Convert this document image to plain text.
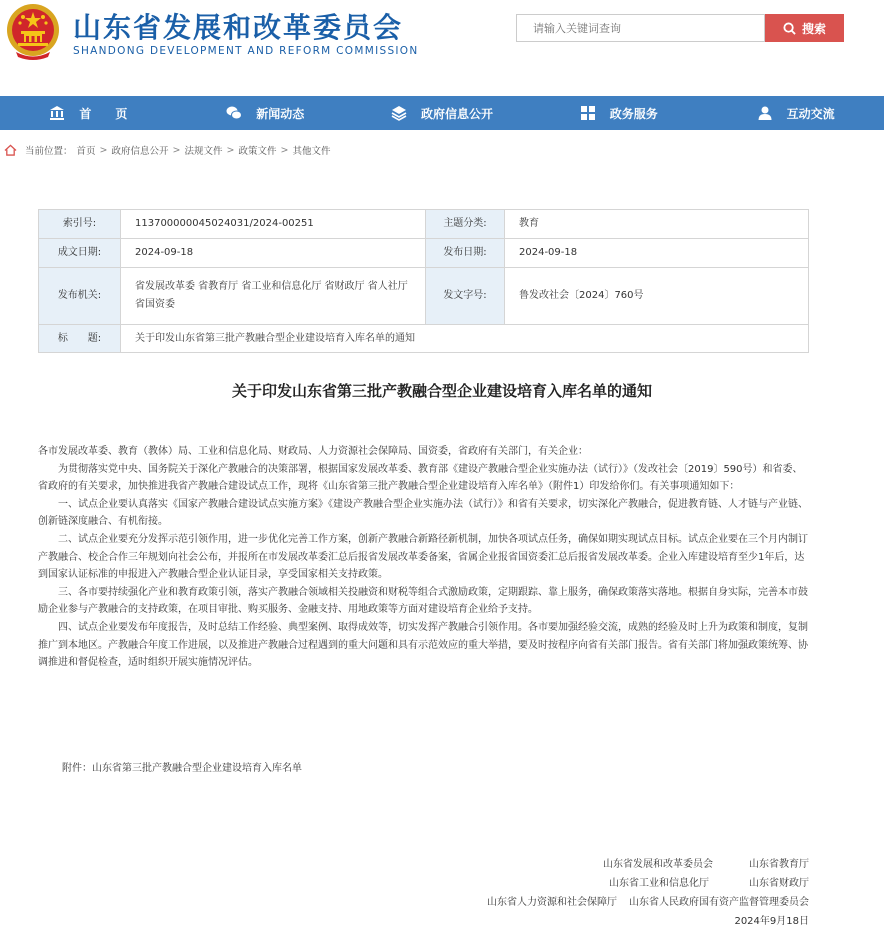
山东省发展和改革委员会
SHANDONG DEVELOPMENT AND REFORM COMMISSION
请输入关键词查询
搜索
首　　页	新闻动态	政府信息公开	政务服务	互动交流
当前位置： 首页 > 政府信息公开 > 法规文件 > 政策文件 > 其他文件
索引号:	11370000004502403​1/2024-00251	主题分类:	教育
成文日期:	2024-09-18	发布日期:	2024-09-18
发布机关:	省发展改革委 省教育厅 省工业和信息化厅 省财政厅 省人社厅 省国资委	发文字号:	鲁发改社会〔2024〕760号
标　　题:	关于印发山东省第三批产教融合型企业建设培育入库名单的通知		
关于印发山东省第三批产教融合型企业建设培育入库名单的通知

各市发展改革委、教育（教体）局、工业和信息化局、财政局、人力资源社会保障局、国资委，省政府有关部门，有关企业：

为贯彻落实党中央、国务院关于深化产教融合的决策部署，根据国家发展改革委、教育部《建设产教融合型企业实施办法（试行）》（发改社会〔2019〕590号）和省委、省政府的有关要求，加快推进我省产教融合建设试点工作，现将《山东省第三批产教融合型企业建设培育入库名单》（附件1）印发给你们。有关事项通知如下：

一、试点企业要认真落实《国家产教融合建设试点实施方案》《建设产教融合型企业实施办法（试行）》和省有关要求，切实深化产教融合，促进教育链、人才链与产业链、创新链深度融合、有机衔接。

二、试点企业要充分发挥示范引领作用，进一步优化完善工作方案，创新产教融合新路径新机制，加快各项试点任务，确保如期实现试点目标。试点企业要在三个月内制订产教融合、校企合作三年规划向社会公布，并报所在市发展改革委汇总后报省发展改革委备案，省属企业报省国资委汇总后报省发展改革委。企业入库建设培育至少1年后，达到国家认证标准的申报进入产教融合型企业认证目录，享受国家相关支持政策。

三、各市要持续强化产业和教育政策引领，落实产教融合领域相关投融资和财税等组合式激励政策，定期跟踪、靠上服务，确保政策落实落地。根据自身实际，完善本市鼓励企业参与产教融合的支持政策，在项目审批、购买服务、金融支持、用地政策等方面对建设培育企业给予支持。

四、试点企业要发布年度报告，及时总结工作经验、典型案例、取得成效等，切实发挥产教融合引领作用。各市要加强经验交流，成熟的经验及时上升为政策和制度，复制推广到本地区。产教融合年度工作进展，以及推进产教融合过程遇到的重大问题和具有示范效应的重大举措，要及时按程序向省有关部门报告。省有关部门将加强政策统筹、协调推进和督促检查，适时组织开展实施情况评估。

附件：山东省第三批产教融合型企业建设培育入库名单
山东省发展和改革委员会	山东省教育厅
山东省工业和信息化厅	山东省财政厅
山东省人力资源和社会保障厅 山东省人民政府国有资产监督管理委员会
2024年9月18日
